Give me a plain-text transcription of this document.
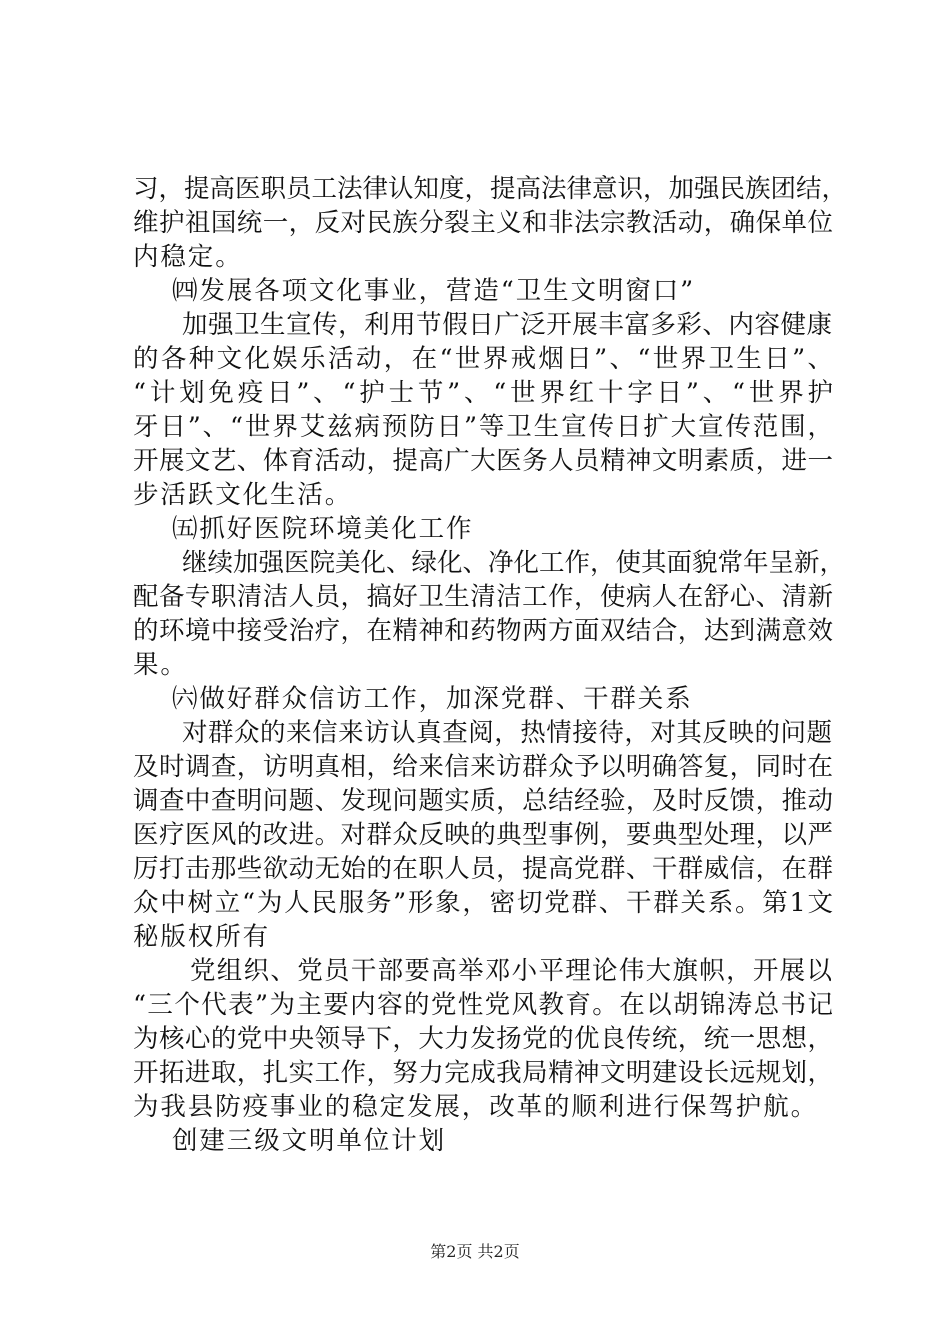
习，提高医职员工法律认知度，提高法律意识，加强民族团结，
维护祖国统一，反对民族分裂主义和非法宗教活动，确保单位
内稳定。
㈣发展各项文化事业，营造“卫生文明窗口”
加强卫生宣传，利用节假日广泛开展丰富多彩、内容健康
的各种文化娱乐活动，在“世界戒烟日”、“世界卫生日”、
“计划免疫日”、“护士节”、“世界红十字日”、“世界护
牙日”、“世界艾兹病预防日”等卫生宣传日扩大宣传范围，
开展文艺、体育活动，提高广大医务人员精神文明素质，进一
步活跃文化生活。
㈤抓好医院环境美化工作
继续加强医院美化、绿化、净化工作，使其面貌常年呈新，
配备专职清洁人员，搞好卫生清洁工作，使病人在舒心、清新
的环境中接受治疗，在精神和药物两方面双结合，达到满意效
果。
㈥做好群众信访工作，加深党群、干群关系
对群众的来信来访认真查阅，热情接待，对其反映的问题
及时调查，访明真相，给来信来访群众予以明确答复，同时在
调查中查明问题、发现问题实质，总结经验，及时反馈，推动
医疗医风的改进。对群众反映的典型事例，要典型处理，以严
厉打击那些欲动无始的在职人员，提高党群、干群威信，在群
众中树立“为人民服务”形象，密切党群、干群关系。第1文
秘版权所有
党组织、党员干部要高举邓小平理论伟大旗帜，开展以
“三个代表”为主要内容的党性党风教育。在以胡锦涛总书记
为核心的党中央领导下，大力发扬党的优良传统，统一思想，
开拓进取，扎实工作，努力完成我局精神文明建设长远规划，
为我县防疫事业的稳定发展，改革的顺利进行保驾护航。
创建三级文明单位计划
第2页 共2页
